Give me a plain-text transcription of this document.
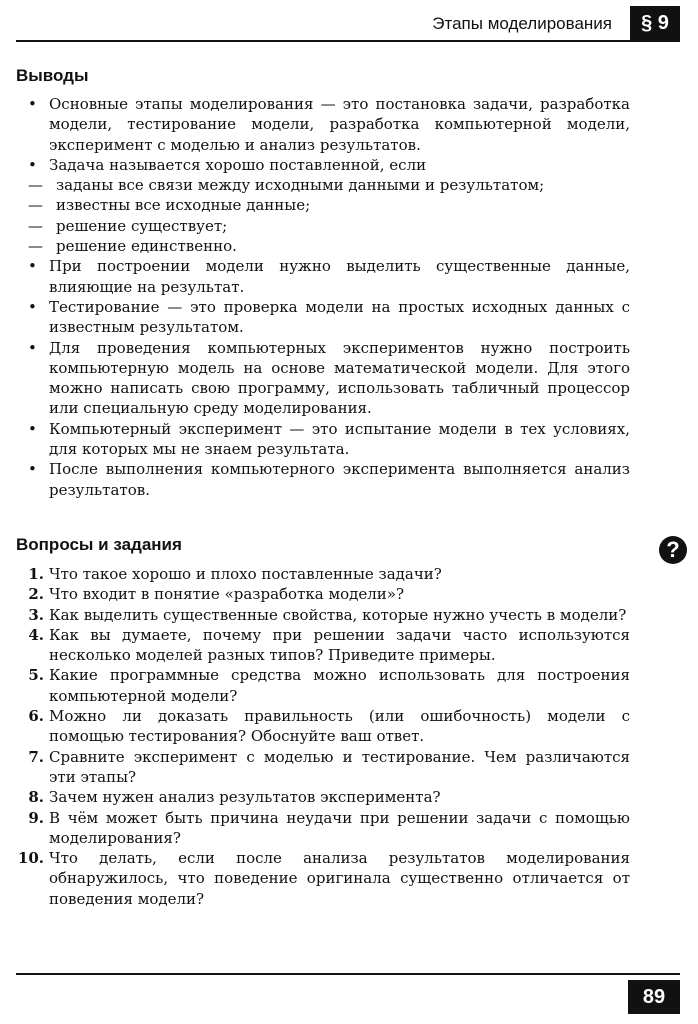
Этапы моделирования	§ 9
Выводы
• Основные этапы моделирования — это постановка задачи, разработка модели, тестирование модели, разработка компьютерной модели, эксперимент с моделью и анализ результатов.
• Задача называется хорошо поставленной, если
— заданы все связи между исходными данными и результатом;
— известны все исходные данные;
— решение существует;
— решение единственно.
• При построении модели нужно выделить существенные данные, влияющие на результат.
• Тестирование — это проверка модели на простых исходных данных с известным результатом.
• Для проведения компьютерных экспериментов нужно построить компьютерную модель на основе математической модели. Для этого можно написать свою программу, использовать табличный процессор или специальную среду моделирования.
• Компьютерный эксперимент — это испытание модели в тех условиях, для которых мы не знаем результата.
• После выполнения компьютерного эксперимента выполняется анализ результатов.
Вопросы и задания	?
1. Что такое хорошо и плохо поставленные задачи?
2. Что входит в понятие «разработка модели»?
3. Как выделить существенные свойства, которые нужно учесть в модели?
4. Как вы думаете, почему при решении задачи часто используются несколько моделей разных типов? Приведите примеры.
5. Какие программные средства можно использовать для построения компьютерной модели?
6. Можно ли доказать правильность (или ошибочность) модели с помощью тестирования? Обоснуйте ваш ответ.
7. Сравните эксперимент с моделью и тестирование. Чем различаются эти этапы?
8. Зачем нужен анализ результатов эксперимента?
9. В чём может быть причина неудачи при решении задачи с помощью моделирования?
10. Что делать, если после анализа результатов моделирования обнаружилось, что поведение оригинала существенно отличается от поведения модели?
89
